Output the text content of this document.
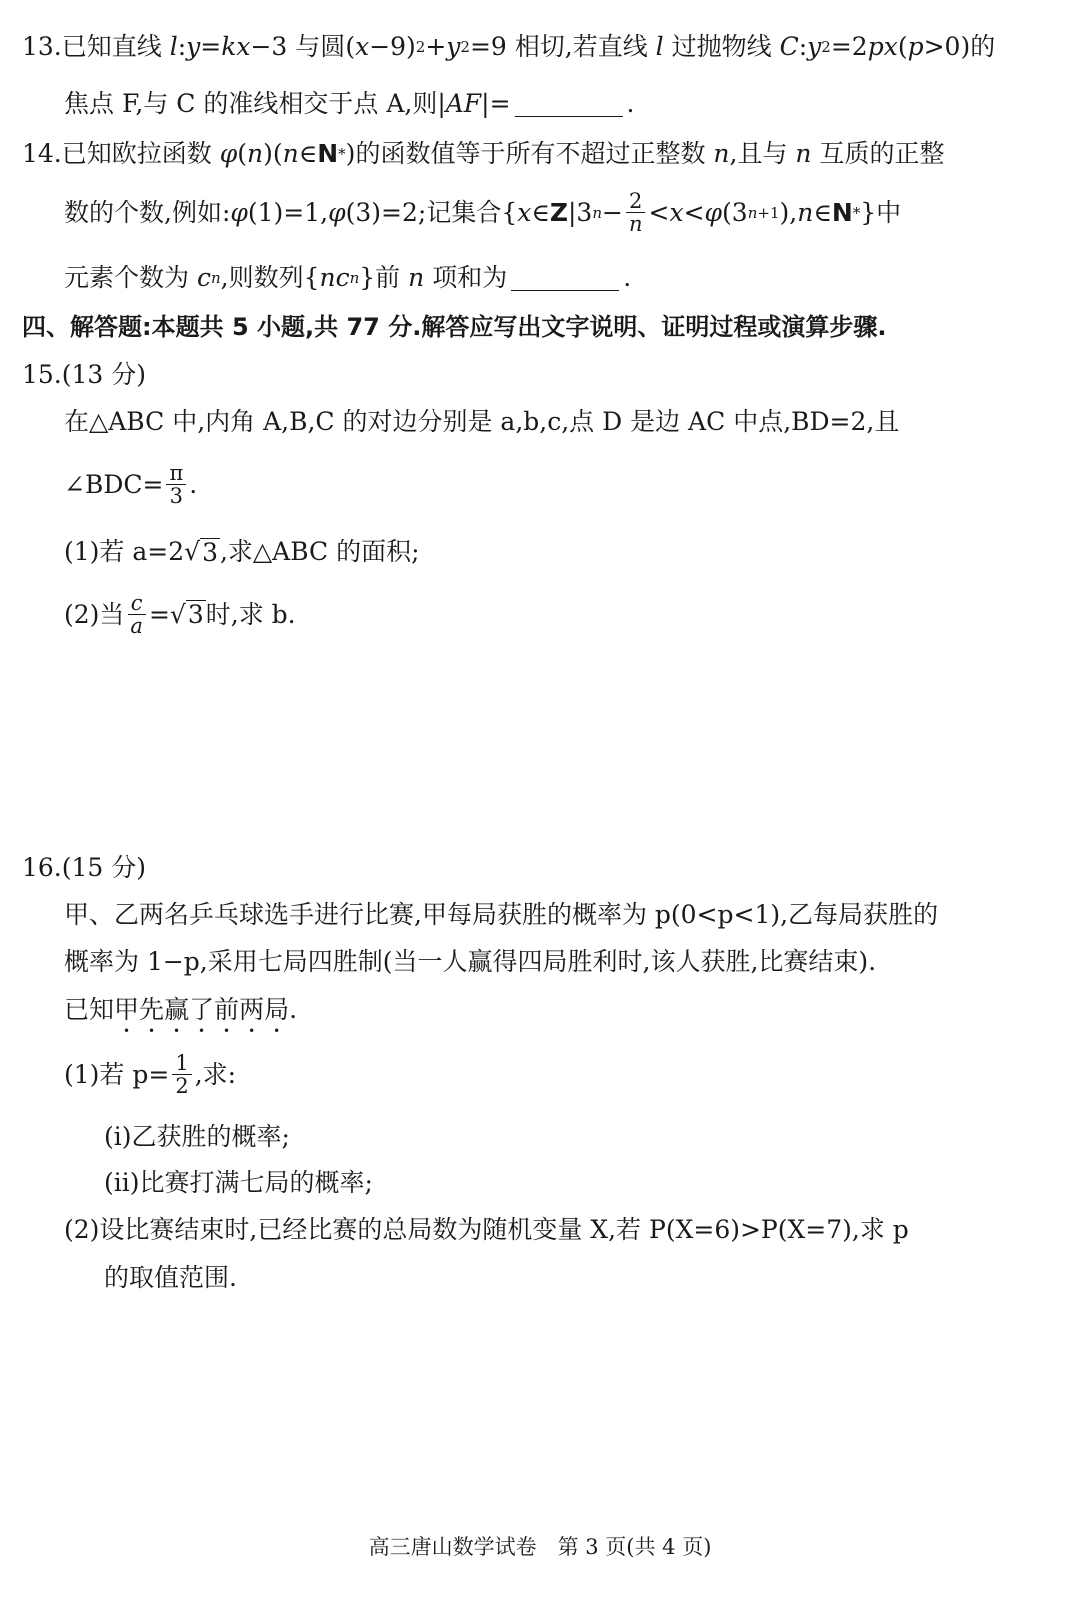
13.已知直线 l : y = kx −3 与圆 ( x −9) 2 + y 2 =9 相切,若直线 l 过抛物线
C : y 2 =2 px ( p >0) 的
焦点 F,与 C 的准线相交于点 A,则| AF |=	.
14.已知欧拉函数 φ ( n )( n ∈ N * ) 的函数值等于所有不超过正整数 n ,且与 n 互质的正整
数的个数,例如: φ (1)=1, φ (3)=2 ;记集合{ x ∈ Z |3 $n - \frac{2}{n} < x < \varphi$ (3 n+1 ), n ∈ N * }中
元素个数为 c n ,则数列{ nc n }前 n 项和为	.
四、解答题:本题共 5 小题,共 77 分.解答应写出文字说明、证明过程或演算步骤.
15.(13 分)
在△ABC 中,内角 A,B,C 的对边分别是 a,b,c,点 D 是边 AC 中点,BD=2,且
∠BDC= $\frac{\pi}{3}$ .
(1)若 a=2 √ 3 ,求△ABC 的面积;
(2)当 $\frac{c}{a}$ = √ 3 时,求 b.
16.(15 分)
甲、乙两名乒乓球选手进行比赛,甲每局获胜的概率为 p(0<p<1),乙每局获胜的
概率为 1−p,采用七局四胜制(当一人赢得四局胜利时,该人获胜,比赛结束).
已 知 甲 • 先 • 赢 • 了 • 前 • 两 • 局 • .
(1)若 $p= \frac{1}{2}$ ,求:
(i)乙获胜的概率;
(ii)比赛打满七局的概率;
(2)设比赛结束时,已经比赛的总局数为随机变量 X,若 P(X=6)>P(X=7),求 p
的取值范围.
高三唐山数学试卷　第 3 页(共 4 页)
